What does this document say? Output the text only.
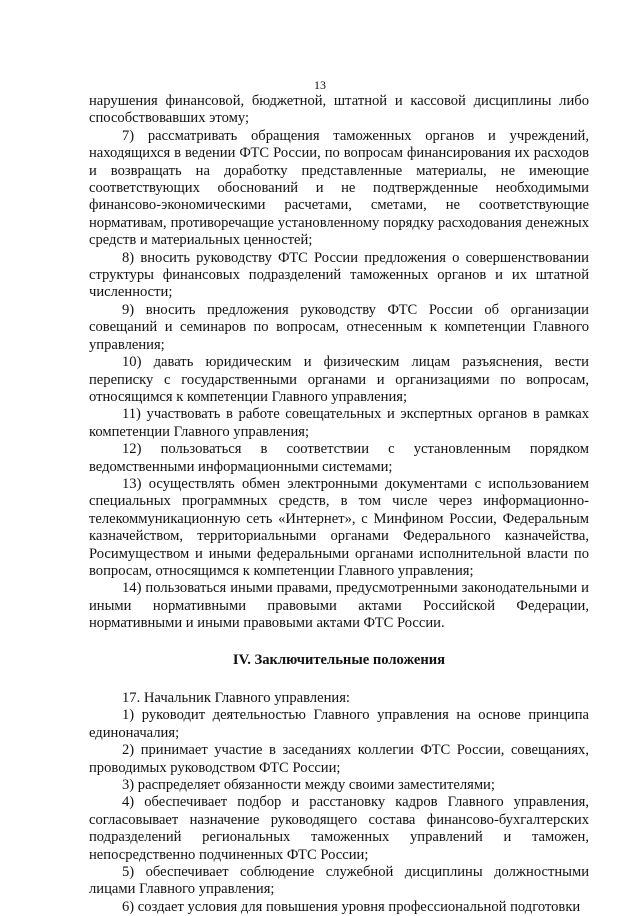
13

нарушения финансовой, бюджетной, штатной и кассовой дисциплины либо способствовавших этому;

7) рассматривать обращения таможенных органов и учреждений, находящихся в ведении ФТС России, по вопросам финансирования их расходов и возвращать на доработку представленные материалы, не имеющие соответствующих обоснований и не подтвержденные необходимыми финансово-экономическими расчетами, сметами, не соответствующие нормативам, противоречащие установленному порядку расходования денежных средств и материальных ценностей;

8) вносить руководству ФТС России предложения о совершенствовании структуры финансовых подразделений таможенных органов и их штатной численности;

9) вносить предложения руководству ФТС России об организации совещаний и семинаров по вопросам, отнесенным к компетенции Главного управления;

10) давать юридическим и физическим лицам разъяснения, вести переписку с государственными органами и организациями по вопросам, относящимся к компетенции Главного управления;

11) участвовать в работе совещательных и экспертных органов в рамках компетенции Главного управления;

12) пользоваться в соответствии с установленным порядком ведомственными информационными системами;

13) осуществлять обмен электронными документами с использованием специальных программных средств, в том числе через информационно-телекоммуникационную сеть «Интернет», с Минфином России, Федеральным казначейством, территориальными органами Федерального казначейства, Росимуществом и иными федеральными органами исполнительной власти по вопросам, относящимся к компетенции Главного управления;

14) пользоваться иными правами, предусмотренными законодательными и иными нормативными правовыми актами Российской Федерации, нормативными и иными правовыми актами ФТС России.

IV. Заключительные положения

17. Начальник Главного управления:

1) руководит деятельностью Главного управления на основе принципа единоначалия;

2) принимает участие в заседаниях коллегии ФТС России, совещаниях, проводимых руководством ФТС России;

3) распределяет обязанности между своими заместителями;

4) обеспечивает подбор и расстановку кадров Главного управления, согласовывает назначение руководящего состава финансово-бухгалтерских подразделений региональных таможенных управлений и таможен, непосредственно подчиненных ФТС России;

5) обеспечивает соблюдение служебной дисциплины должностными лицами Главного управления;

6) создает условия для повышения уровня профессиональной подготовки
